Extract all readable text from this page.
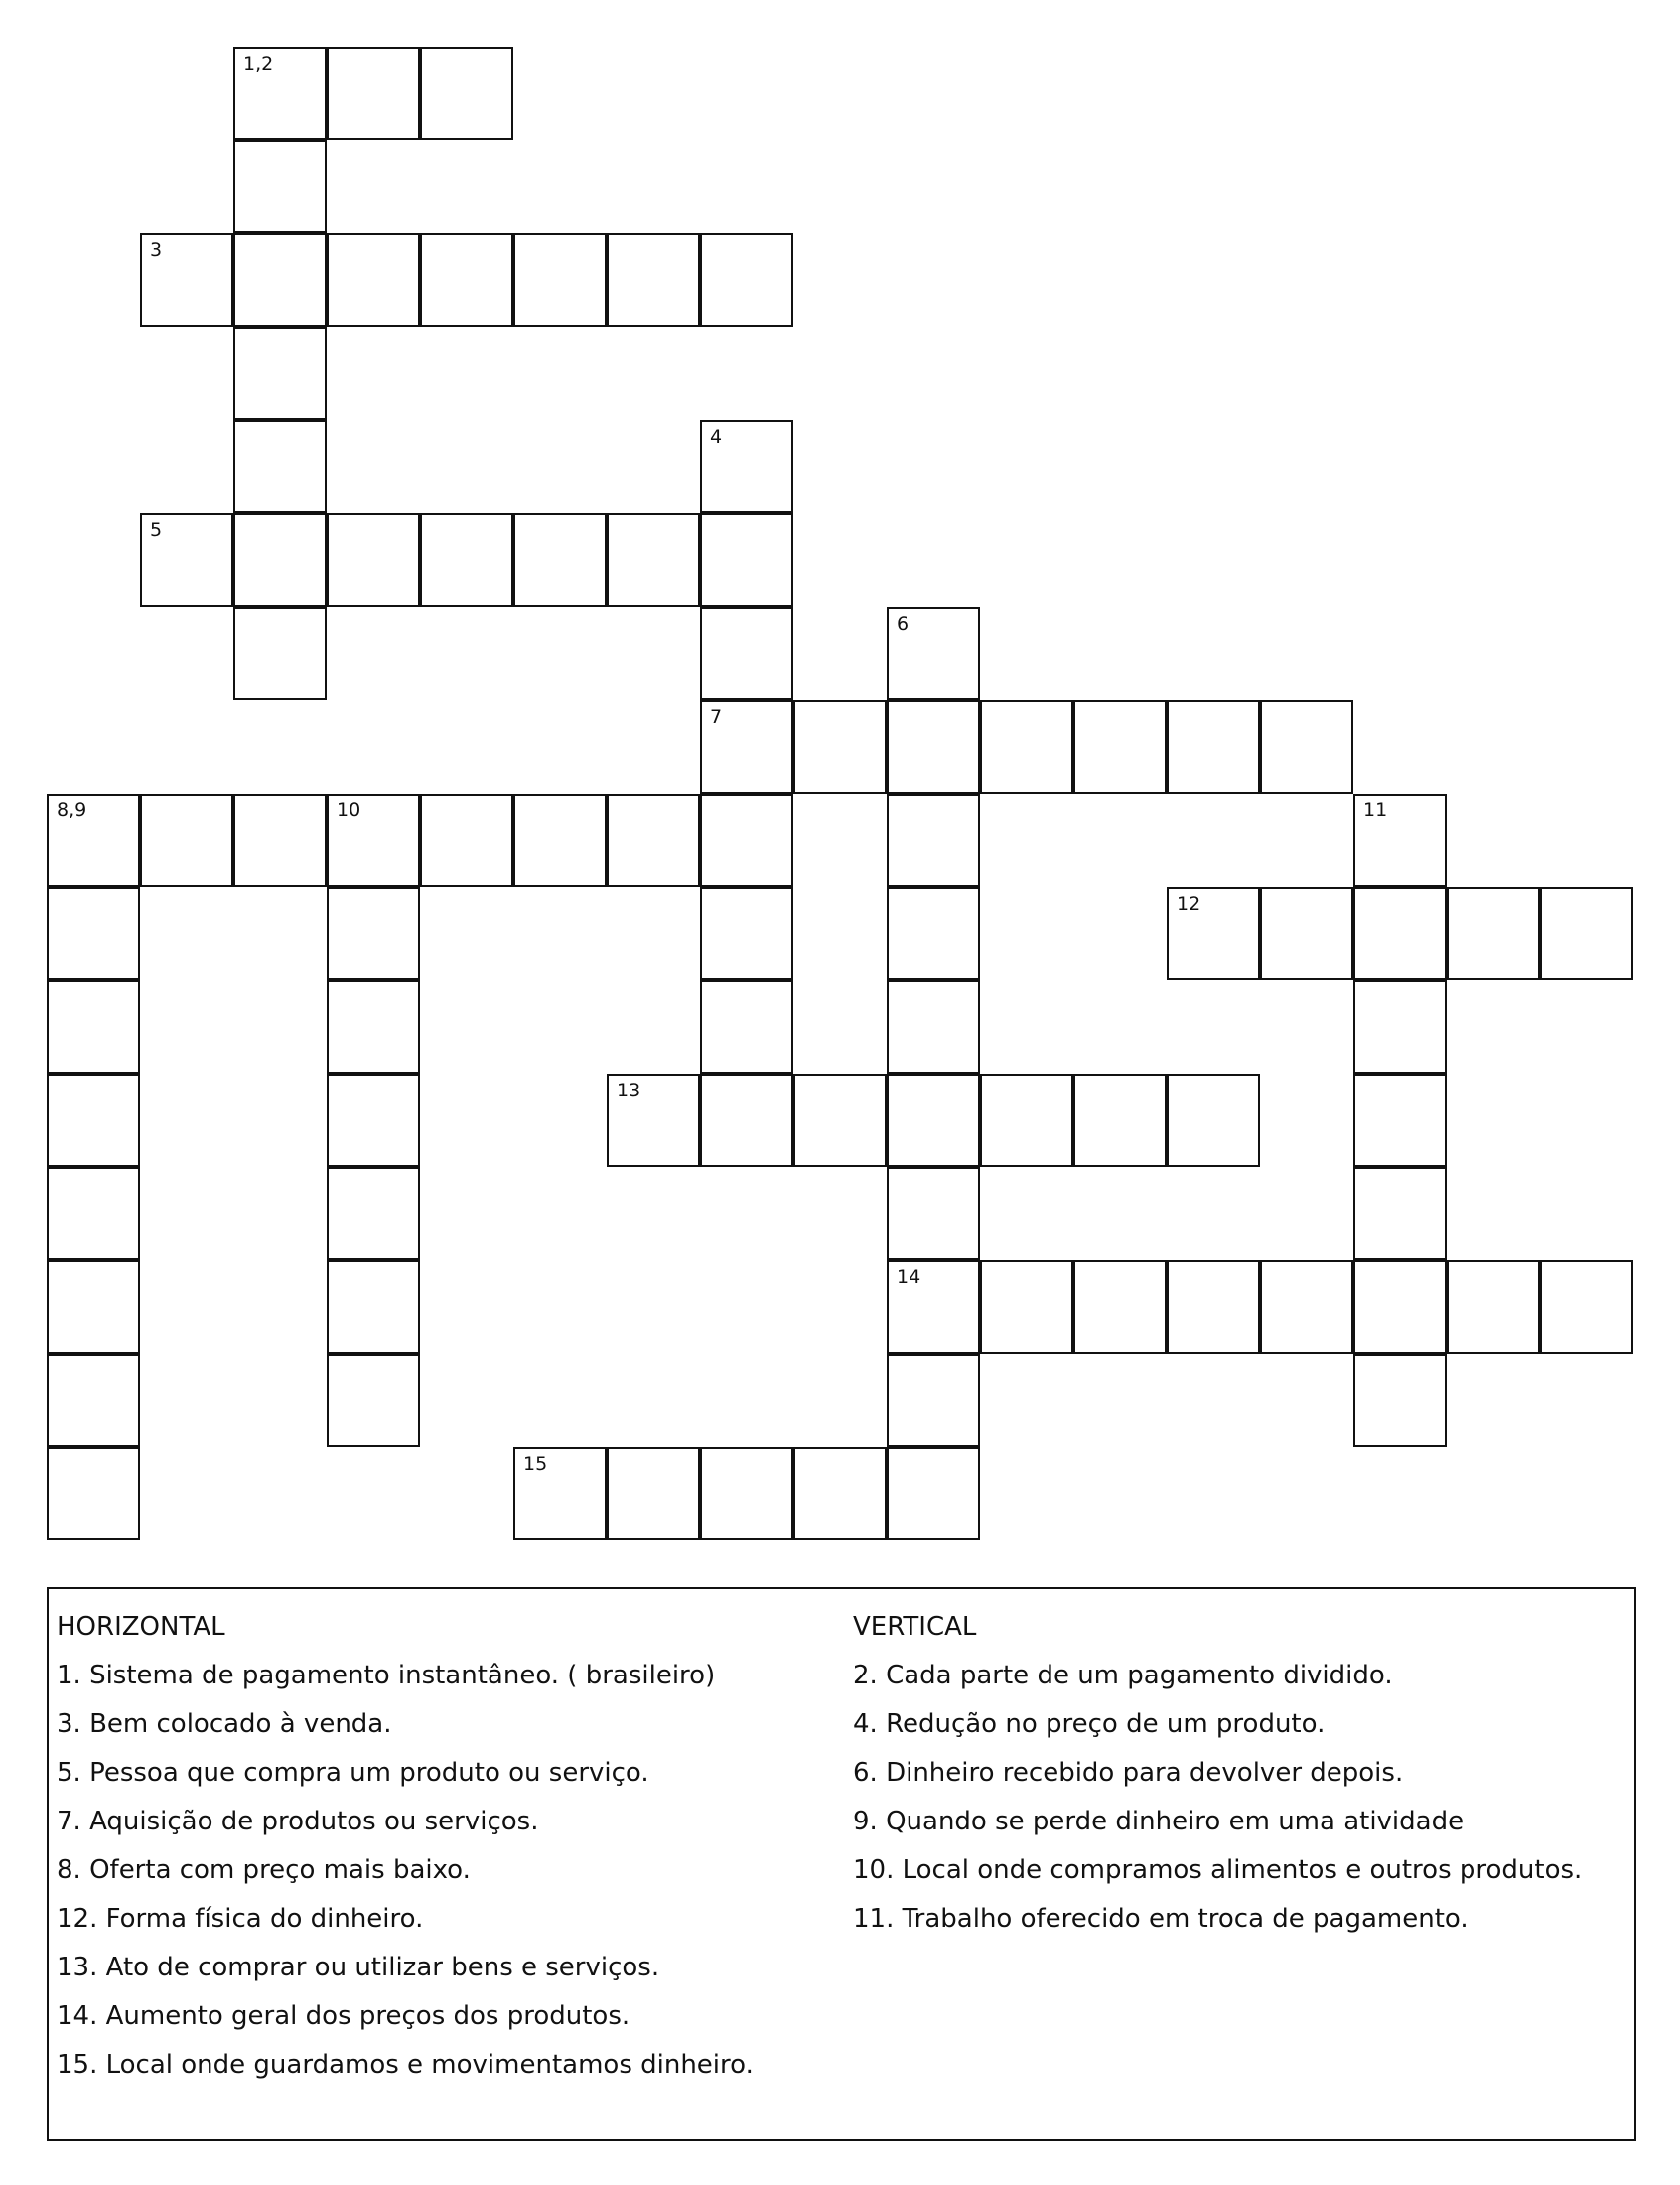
1,2
3
4
5
6
7
8,9	10	11
12
13
14
15
HORIZONTAL
1. Sistema de pagamento instantâneo. ( brasileiro)
3. Bem colocado à venda.
5. Pessoa que compra um produto ou serviço.
7. Aquisição de produtos ou serviços.
8. Oferta com preço mais baixo.
12. Forma física do dinheiro.
13. Ato de comprar ou utilizar bens e serviços.
14. Aumento geral dos preços dos produtos.
15. Local onde guardamos e movimentamos dinheiro.
VERTICAL
2. Cada parte de um pagamento dividido.
4. Redução no preço de um produto.
6. Dinheiro recebido para devolver depois.
9. Quando se perde dinheiro em uma atividade
10. Local onde compramos alimentos e outros produtos.
11. Trabalho oferecido em troca de pagamento.
